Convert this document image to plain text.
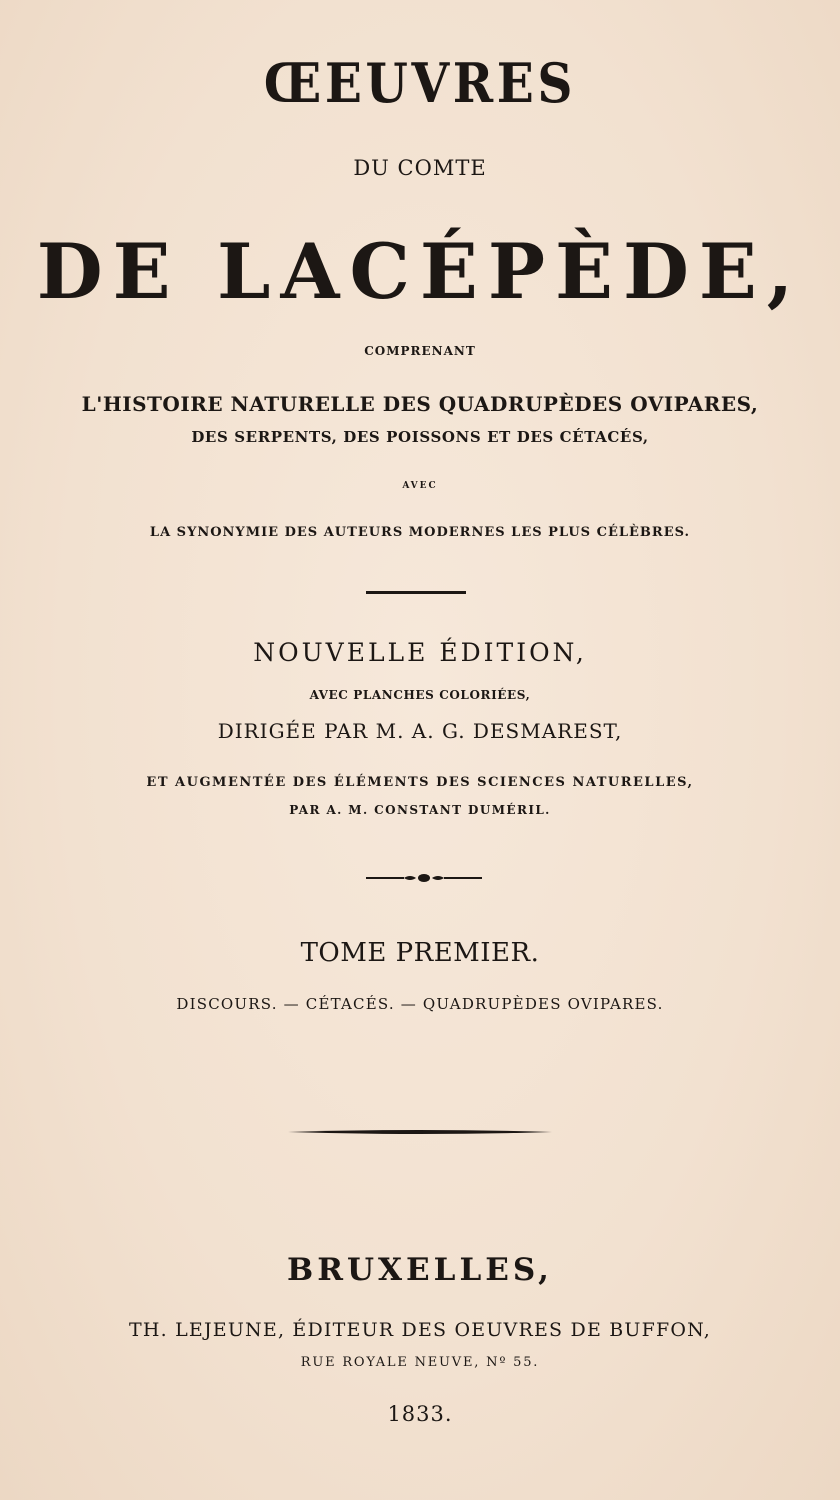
ŒEUVRES
DU COMTE
DE LACÉPÈDE,
COMPRENANT
L'HISTOIRE NATURELLE DES QUADRUPÈDES OVIPARES,
DES SERPENTS, DES POISSONS ET DES CÉTACÉS,
AVEC
LA SYNONYMIE DES AUTEURS MODERNES LES PLUS CÉLÈBRES.
NOUVELLE ÉDITION,
AVEC PLANCHES COLORIÉES,
DIRIGÉE PAR M. A. G. DESMAREST,
ET AUGMENTÉE DES ÉLÉMENTS DES SCIENCES NATURELLES,
PAR A. M. CONSTANT DUMÉRIL.
TOME PREMIER.
DISCOURS. — CÉTACÉS. — QUADRUPÈDES OVIPARES.
BRUXELLES,
TH. LEJEUNE, ÉDITEUR DES OEUVRES DE BUFFON,
RUE ROYALE NEUVE, Nº 55.
1833.
